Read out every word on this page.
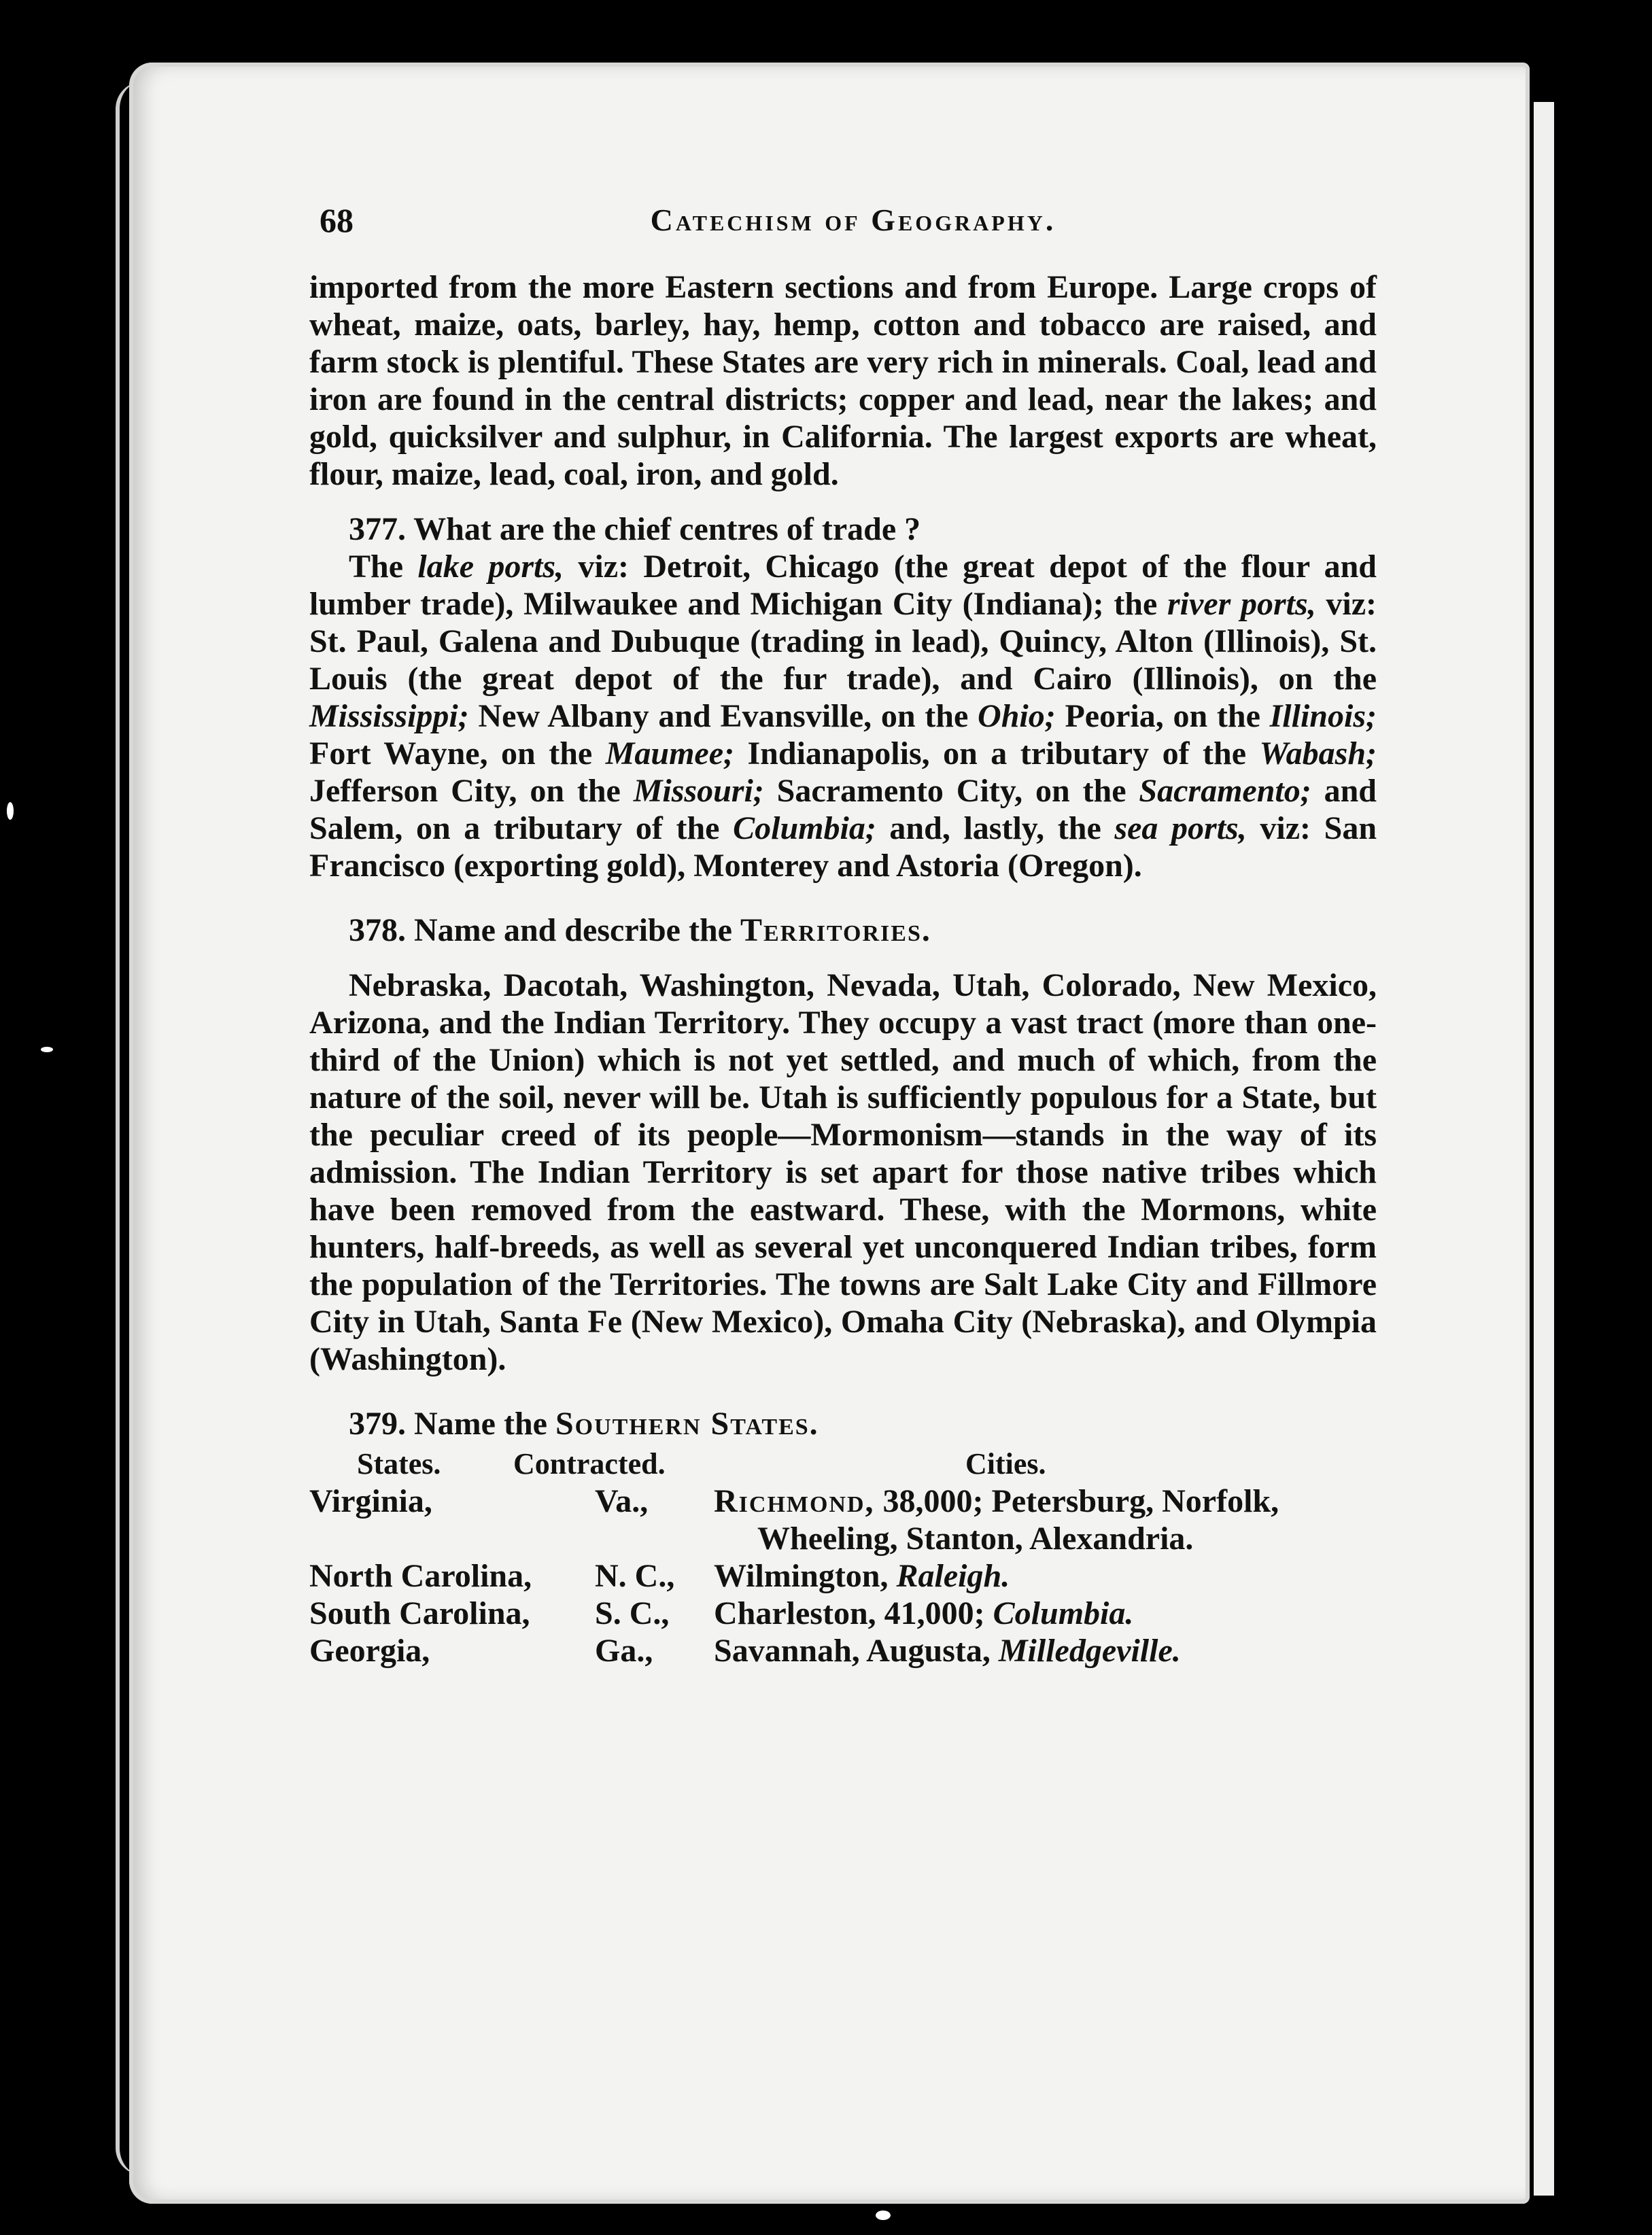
68	Catechism of Geography.

imported from the more Eastern sections and from Europe. Large crops of wheat, maize, oats, barley, hay, hemp, cotton and tobacco are raised, and farm stock is plentiful. These States are very rich in minerals. Coal, lead and iron are found in the central districts; copper and lead, near the lakes; and gold, quicksilver and sulphur, in California. The largest exports are wheat, flour, maize, lead, coal, iron, and gold.

377. What are the chief centres of trade ?

The lake ports, viz: Detroit, Chicago (the great depot of the flour and lumber trade), Milwaukee and Michigan City (Indiana); the river ports, viz: St. Paul, Galena and Dubuque (trading in lead), Quincy, Alton (Illinois), St. Louis (the great depot of the fur trade), and Cairo (Illinois), on the Mississippi; New Albany and Evansville, on the Ohio; Peoria, on the Illinois; Fort Wayne, on the Maumee; Indianapolis, on a tributary of the Wabash; Jefferson City, on the Missouri; Sacramento City, on the Sacramento; and Salem, on a tributary of the Columbia; and, lastly, the sea ports, viz: San Francisco (exporting gold), Monterey and Astoria (Oregon).

378. Name and describe the Territories.

Nebraska, Dacotah, Washington, Nevada, Utah, Colorado, New Mexico, Arizona, and the Indian Territory. They occupy a vast tract (more than one-third of the Union) which is not yet settled, and much of which, from the nature of the soil, never will be. Utah is sufficiently populous for a State, but the peculiar creed of its people—Mormonism—stands in the way of its admission. The Indian Territory is set apart for those native tribes which have been removed from the eastward. These, with the Mormons, white hunters, half-breeds, as well as several yet unconquered Indian tribes, form the population of the Territories. The towns are Salt Lake City and Fillmore City in Utah, Santa Fe (New Mexico), Omaha City (Nebraska), and Olympia (Washington).

379. Name the Southern States.

States.	Contracted.	Cities.
Virginia,	Va.,	Richmond, 38,000; Petersburg, Norfolk,
Wheeling, Stanton, Alexandria.
North Carolina,	N. C.,	Wilmington, Raleigh.
South Carolina,	S. C.,	Charleston, 41,000; Columbia.
Georgia,	Ga.,	Savannah, Augusta, Milledgeville.
